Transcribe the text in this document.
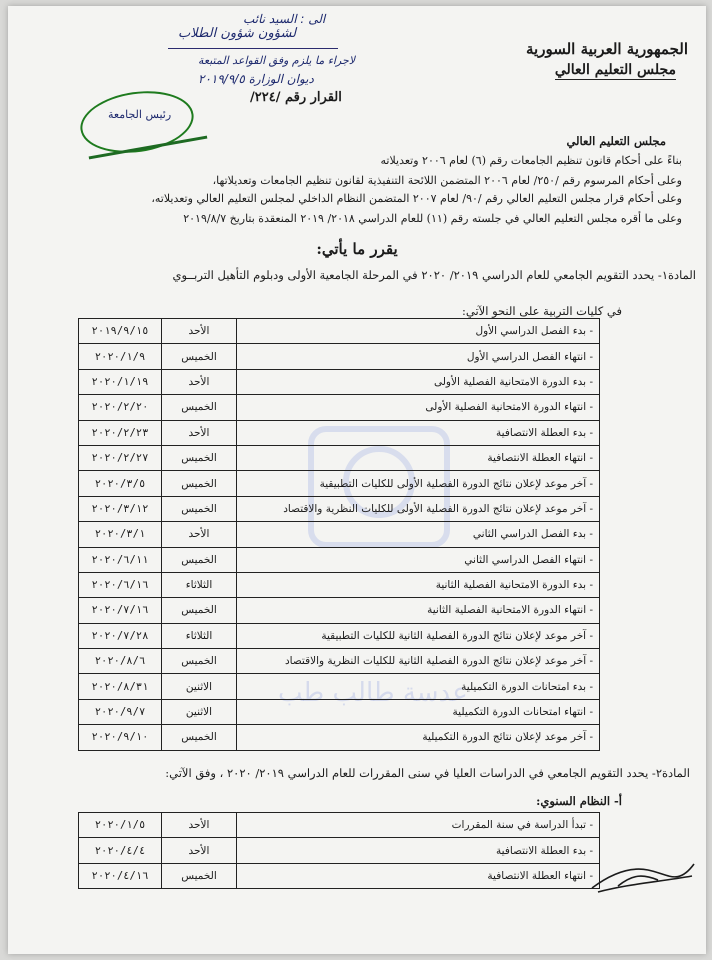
الى : السيد نائب
لشؤون شؤون الطلاب
لاجراء ما يلزم وفق القواعد المتبعة
ديوان الوزارة ٢٠١٩/٩/٥
رئيس الجامعة
الجمهورية العربية السورية
مجلس التعليم العالي
القرار رقم /٢٢٤/
مجلس التعليم العالي
بناءً على أحكام قانون تنظيم الجامعات رقم (٦) لعام ٢٠٠٦ وتعديلاته
وعلى أحكام المرسوم رقم /٢٥٠/ لعام ٢٠٠٦ المتضمن اللائحة التنفيذية لقانون تنظيم الجامعات وتعديلاتها،
وعلى أحكام قرار مجلس التعليم العالي رقم /٩٠/ لعام ٢٠٠٧ المتضمن النظام الداخلي لمجلس التعليم العالي وتعديلاته،
وعلى ما أقره مجلس التعليم العالي في جلسته رقم (١١) للعام الدراسي ٢٠١٨/ ٢٠١٩ المنعقدة بتاريخ ٢٠١٩/٨/٧
يقرر ما يأتي:
المادة١- يحدد التقويم الجامعي للعام الدراسي ٢٠١٩/ ٢٠٢٠ في المرحلة الجامعية الأولى ودبلوم التأهيل التربــوي
في كليات التربية على النحو الآتي:
عدسة طالب طب
- بدء الفصل الدراسي الأول	الأحد	٢٠١٩/٩/١٥
- انتهاء الفصل الدراسي الأول	الخميس	٢٠٢٠/١/٩
- بدء الدورة الامتحانية الفصلية الأولى	الأحد	٢٠٢٠/١/١٩
- انتهاء الدورة الامتحانية الفصلية الأولى	الخميس	٢٠٢٠/٢/٢٠
- بدء العطلة الانتصافية	الأحد	٢٠٢٠/٢/٢٣
- انتهاء العطلة الانتصافية	الخميس	٢٠٢٠/٢/٢٧
- آخر موعد لإعلان نتائج الدورة الفصلية الأولى للكليات التطبيقية	الخميس	٢٠٢٠/٣/٥
- آخر موعد لإعلان نتائج الدورة الفصلية الأولى للكليات النظرية والاقتصاد	الخميس	٢٠٢٠/٣/١٢
- بدء الفصل الدراسي الثاني	الأحد	٢٠٢٠/٣/١
- انتهاء الفصل الدراسي الثاني	الخميس	٢٠٢٠/٦/١١
- بدء الدورة الامتحانية الفصلية الثانية	الثلاثاء	٢٠٢٠/٦/١٦
- انتهاء الدورة الامتحانية الفصلية الثانية	الخميس	٢٠٢٠/٧/١٦
- آخر موعد لإعلان نتائج الدورة الفصلية الثانية للكليات التطبيقية	الثلاثاء	٢٠٢٠/٧/٢٨
- آخر موعد لإعلان نتائج الدورة الفصلية الثانية للكليات النظرية والاقتصاد	الخميس	٢٠٢٠/٨/٦
- بدء امتحانات الدورة التكميلية	الاثنين	٢٠٢٠/٨/٣١
- انتهاء امتحانات الدورة التكميلية	الاثنين	٢٠٢٠/٩/٧
- آخر موعد لإعلان نتائج الدورة التكميلية	الخميس	٢٠٢٠/٩/١٠
المادة٢- يحدد التقويم الجامعي في الدراسات العليا في سنى المقررات للعام الدراسي ٢٠١٩/ ٢٠٢٠ ، وفق الآتي:
أ- النظام السنوي:
- تبدأ الدراسة في سنة المقررات	الأحد	٢٠٢٠/١/٥
- بدء العطلة الانتصافية	الأحد	٢٠٢٠/٤/٤
- انتهاء العطلة الانتصافية	الخميس	٢٠٢٠/٤/١٦
